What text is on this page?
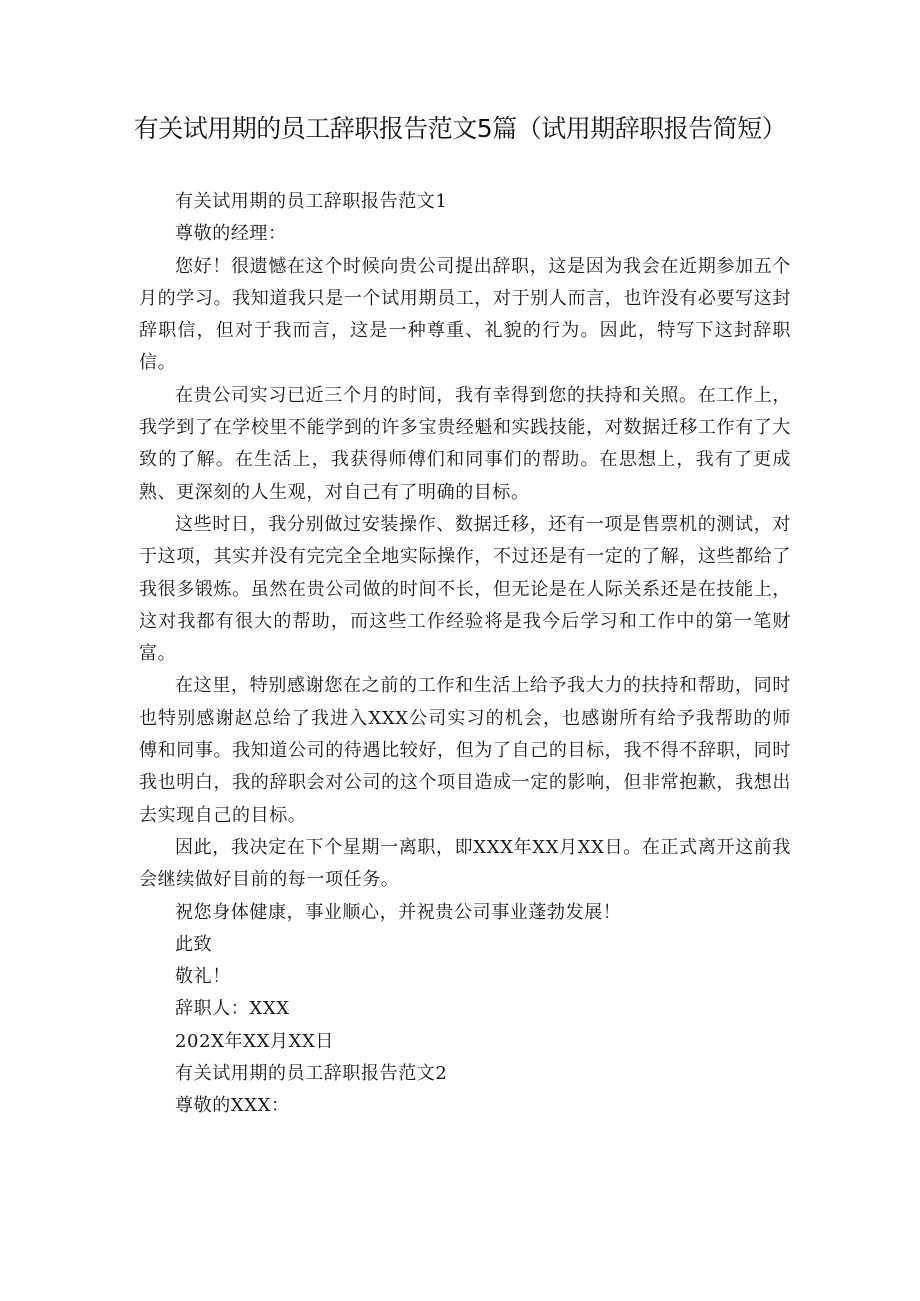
有关试用期的员工辞职报告范文5篇（试用期辞职报告简短）

有关试用期的员工辞职报告范文1

尊敬的经理：

您好！很遗憾在这个时候向贵公司提出辞职，这是因为我会在近期参加五个月的学习。我知道我只是一个试用期员工，对于别人而言，也许没有必要写这封辞职信，但对于我而言，这是一种尊重、礼貌的行为。因此，特写下这封辞职信。

在贵公司实习已近三个月的时间，我有幸得到您的扶持和关照。在工作上，我学到了在学校里不能学到的许多宝贵经魁和实践技能，对数据迁移工作有了大致的了解。在生活上，我获得师傅们和同事们的帮助。在思想上，我有了更成熟、更深刻的人生观，对自己有了明确的目标。

这些时日，我分别做过安装操作、数据迁移，还有一项是售票机的测试，对于这项，其实并没有完完全全地实际操作，不过还是有一定的了解，这些都给了我很多锻炼。虽然在贵公司做的时间不长，但无论是在人际关系还是在技能上，这对我都有很大的帮助，而这些工作经验将是我今后学习和工作中的第一笔财富。

在这里，特别感谢您在之前的工作和生活上给予我大力的扶持和帮助，同时也特别感谢赵总给了我进入XXX公司实习的机会，也感谢所有给予我帮助的师傅和同事。我知道公司的待遇比较好，但为了自己的目标，我不得不辞职，同时我也明白，我的辞职会对公司的这个项目造成一定的影响，但非常抱歉，我想出去实现自己的目标。

因此，我决定在下个星期一离职，即XXX年XX月XX日。在正式离开这前我会继续做好目前的每一项任务。

祝您身体健康，事业顺心，并祝贵公司事业蓬勃发展！

此致

敬礼！

辞职人：XXX

202X年XX月XX日

有关试用期的员工辞职报告范文2

尊敬的XXX：
